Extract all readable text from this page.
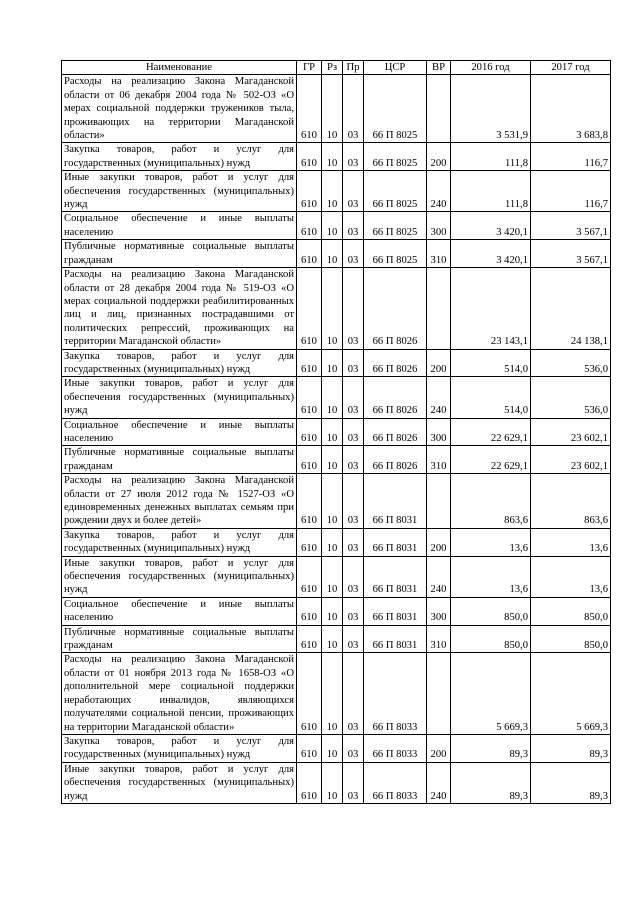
Наименование	ГР	Рз	Пр	ЦСР	ВР	2016 год	2017 год
Расходы на реализацию Закона Магаданской области от 06 декабря 2004 года № 502-ОЗ «О мерах социальной поддержки тружеников тыла, проживающих на территории Магаданской области»	610	10	03	66 П 8025		3 531,9	3 683,8
Закупка товаров, работ и услуг для государственных (муниципальных) нужд	610	10	03	66 П 8025	200	111,8	116,7
Иные закупки товаров, работ и услуг для обеспечения государственных (муниципальных) нужд	610	10	03	66 П 8025	240	111,8	116,7
Социальное обеспечение и иные выплаты населению	610	10	03	66 П 8025	300	3 420,1	3 567,1
Публичные нормативные социальные выплаты гражданам	610	10	03	66 П 8025	310	3 420,1	3 567,1
Расходы на реализацию Закона Магаданской области от 28 декабря 2004 года № 519-ОЗ «О мерах социальной поддержки реабилитированных лиц и лиц, признанных пострадавшими от политических репрессий, проживающих на территории Магаданской области»	610	10	03	66 П 8026		23 143,1	24 138,1
Закупка товаров, работ и услуг для государственных (муниципальных) нужд	610	10	03	66 П 8026	200	514,0	536,0
Иные закупки товаров, работ и услуг для обеспечения государственных (муниципальных) нужд	610	10	03	66 П 8026	240	514,0	536,0
Социальное обеспечение и иные выплаты населению	610	10	03	66 П 8026	300	22 629,1	23 602,1
Публичные нормативные социальные выплаты гражданам	610	10	03	66 П 8026	310	22 629,1	23 602,1
Расходы на реализацию Закона Магаданской области от 27 июля 2012 года № 1527-ОЗ «О единовременных денежных выплатах семьям при рождении двух и более детей»	610	10	03	66 П 8031		863,6	863,6
Закупка товаров, работ и услуг для государственных (муниципальных) нужд	610	10	03	66 П 8031	200	13,6	13,6
Иные закупки товаров, работ и услуг для обеспечения государственных (муниципальных) нужд	610	10	03	66 П 8031	240	13,6	13,6
Социальное обеспечение и иные выплаты населению	610	10	03	66 П 8031	300	850,0	850,0
Публичные нормативные социальные выплаты гражданам	610	10	03	66 П 8031	310	850,0	850,0
Расходы на реализацию Закона Магаданской области от 01 ноября 2013 года № 1658-ОЗ «О дополнительной мере социальной поддержки неработающих инвалидов, являющихся получателями социальной пенсии, проживающих на территории Магаданской области»	610	10	03	66 П 8033		5 669,3	5 669,3
Закупка товаров, работ и услуг для государственных (муниципальных) нужд	610	10	03	66 П 8033	200	89,3	89,3
Иные закупки товаров, работ и услуг для обеспечения государственных (муниципальных) нужд	610	10	03	66 П 8033	240	89,3	89,3
